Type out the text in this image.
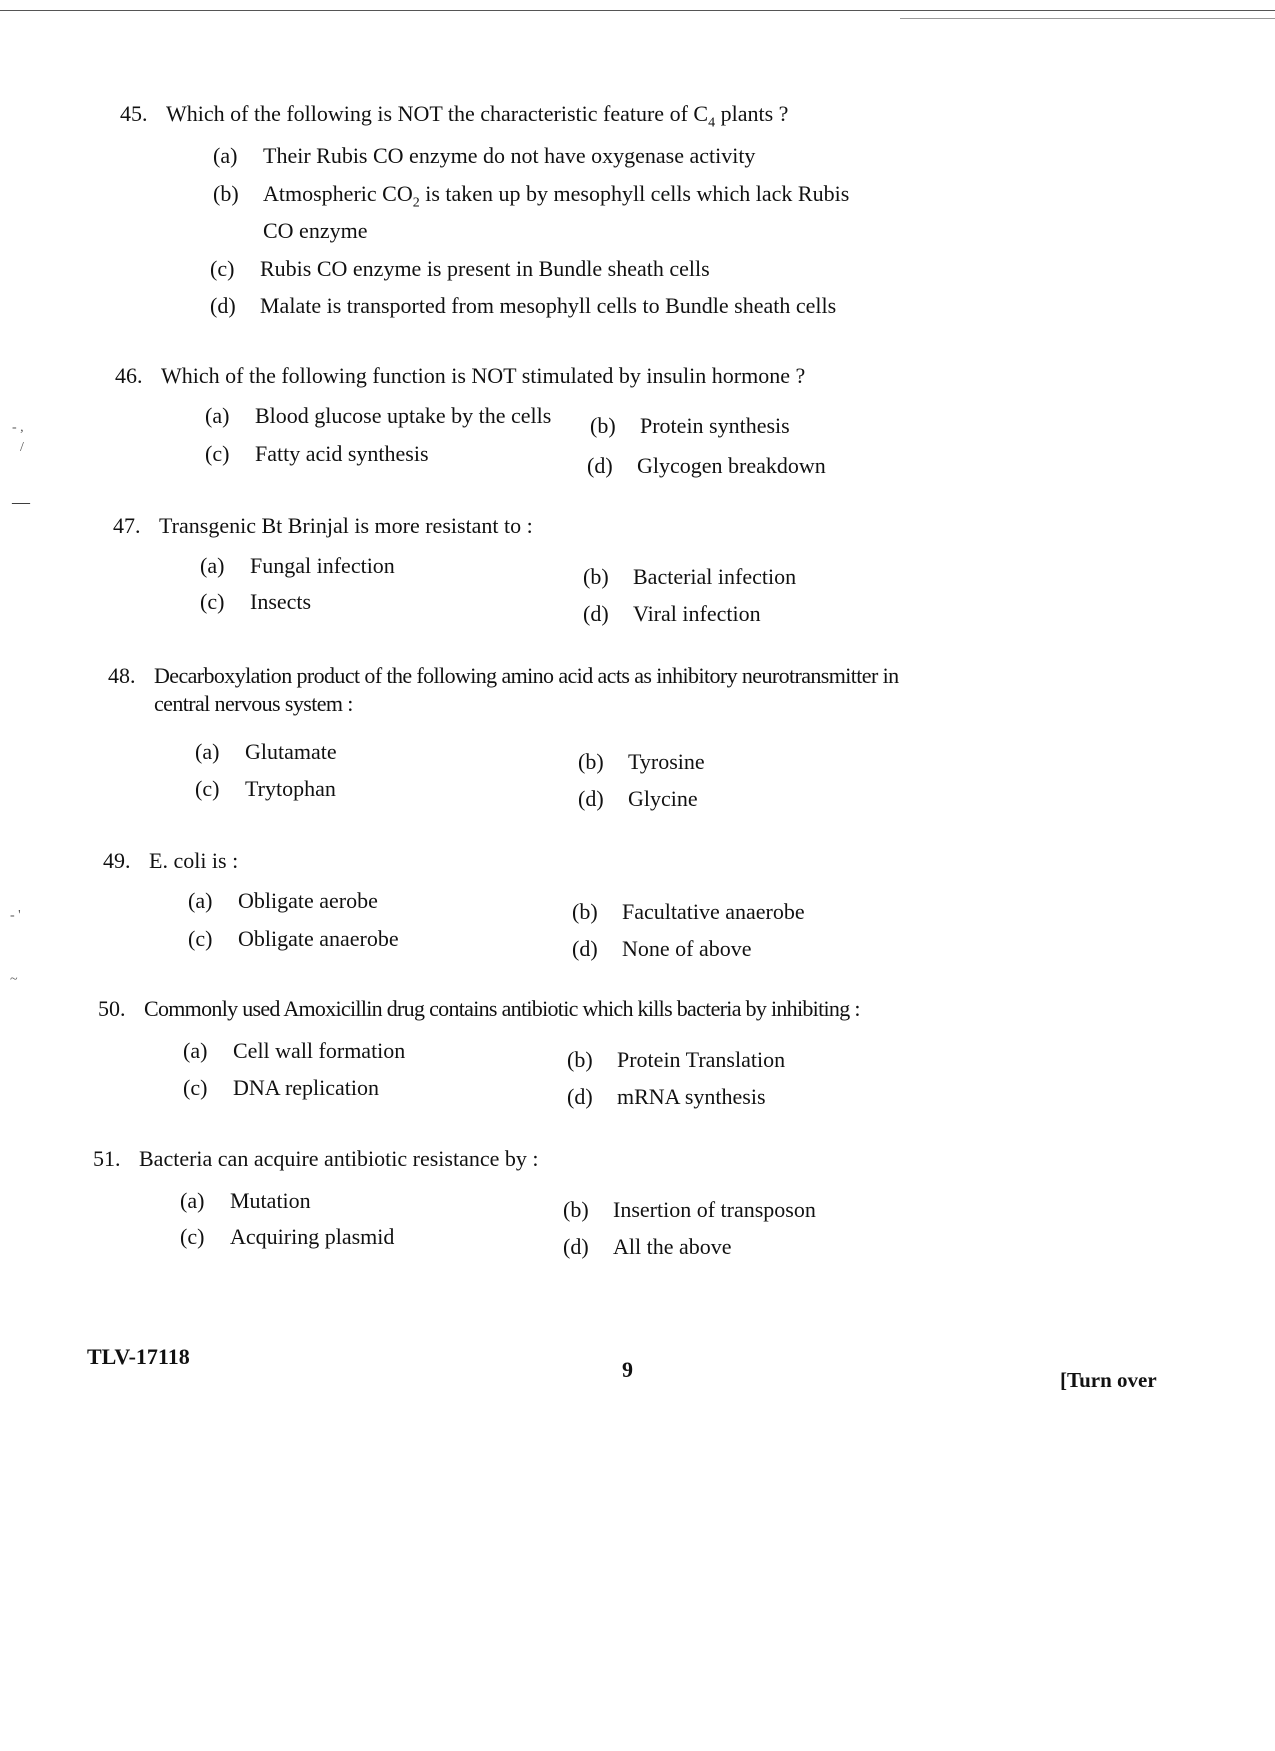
45. Which of the following is NOT the characteristic feature of $C_4$ plants ?
(a)	Their Rubis CO enzyme do not have oxygenase activity
(b)	Atmospheric $CO_2$ is taken up by mesophyll cells which lack Rubis CO enzyme
(c)	Rubis CO enzyme is present in Bundle sheath cells
(d)	Malate is transported from mesophyll cells to Bundle sheath cells
46. Which of the following function is NOT stimulated by insulin hormone ?
(a)	Blood glucose uptake by the cells (b)	Protein synthesis
(c)	Fatty acid synthesis	(d)	Glycogen breakdown
47. Transgenic Bt Brinjal is more resistant to :
(a)	Fungal infection	(b)	Bacterial infection
(c)	Insects	(d)	Viral infection
48. Decarboxylation product of the following amino acid acts as inhibitory neurotransmitter in central nervous system :
(a)	Glutamate	(b)	Tyrosine
(c)	Trytophan	(d)	Glycine
49. E. coli is :
(a)	Obligate aerobe	(b)	Facultative anaerobe
(c)	Obligate anaerobe	(d)	None of above
50. Commonly used Amoxicillin drug contains antibiotic which kills bacteria by inhibiting :
(a)	Cell wall formation	(b)	Protein Translation
(c)	DNA replication	(d)	mRNA synthesis
51. Bacteria can acquire antibiotic resistance by :
(a)	Mutation	(b)	Insertion of transposon
(c)	Acquiring plasmid	(d)	All the above
TLV-17118
9	[Turn over
- ,
/
—
- '
~
